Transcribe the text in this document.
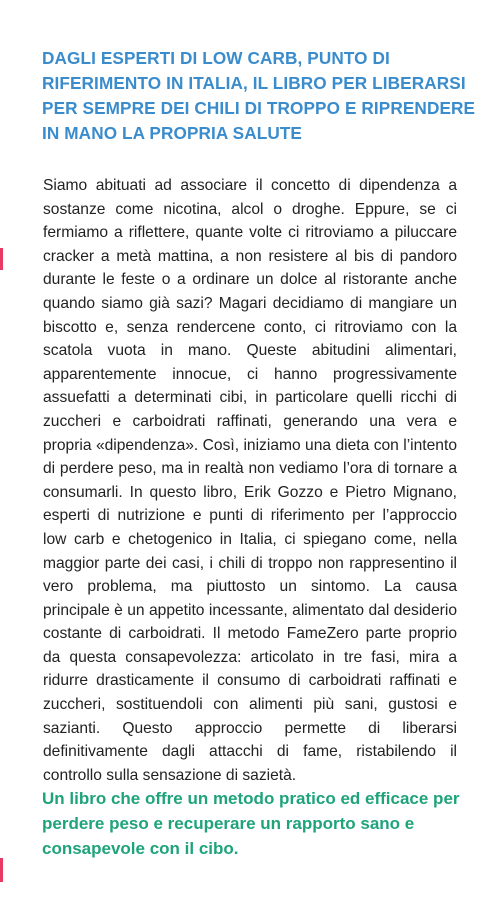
DAGLI ESPERTI DI LOW CARB, PUNTO DI RIFERIMENTO IN ITALIA, IL LIBRO PER LIBERARSI PER SEMPRE DEI CHILI DI TROPPO E RIPRENDERE IN MANO LA PROPRIA SALUTE

Siamo abituati ad associare il concetto di dipendenza a sostanze come nicotina, alcol o droghe. Eppure, se ci fermiamo a riflettere, quante volte ci ritroviamo a piluccare cracker a metà mattina, a non resistere al bis di pandoro durante le feste o a ordinare un dolce al ristorante anche quando siamo già sazi? Magari decidiamo di mangiare un biscotto e, senza rendercene conto, ci ritroviamo con la scatola vuota in mano. Queste abitudini alimentari, apparentemente innocue, ci hanno progressivamente assuefatti a determinati cibi, in particolare quelli ricchi di zuccheri e carboidrati raffinati, generando una vera e propria «dipendenza». Così, iniziamo una dieta con l’intento di perdere peso, ma in realtà non vediamo l’ora di tornare a consumarli. In questo libro, Erik Gozzo e Pietro Mignano, esperti di nutrizione e punti di riferimento per l’approccio low carb e chetogenico in Italia, ci spiegano come, nella maggior parte dei casi, i chili di troppo non rappresentino il vero problema, ma piuttosto un sintomo. La causa principale è un appetito incessante, alimentato dal desiderio costante di carboidrati. Il metodo FameZero parte proprio da questa consapevolezza: articolato in tre fasi, mira a ridurre drasticamente il consumo di carboidrati raffinati e zuccheri, sostituendoli con alimenti più sani, gustosi e sazianti. Questo approccio permette di liberarsi definitivamente dagli attacchi di fame, ristabilendo il controllo sulla sensazione di sazietà.

Un libro che offre un metodo pratico ed efficace per perdere peso e recuperare un rapporto sano e consapevole con il cibo.
